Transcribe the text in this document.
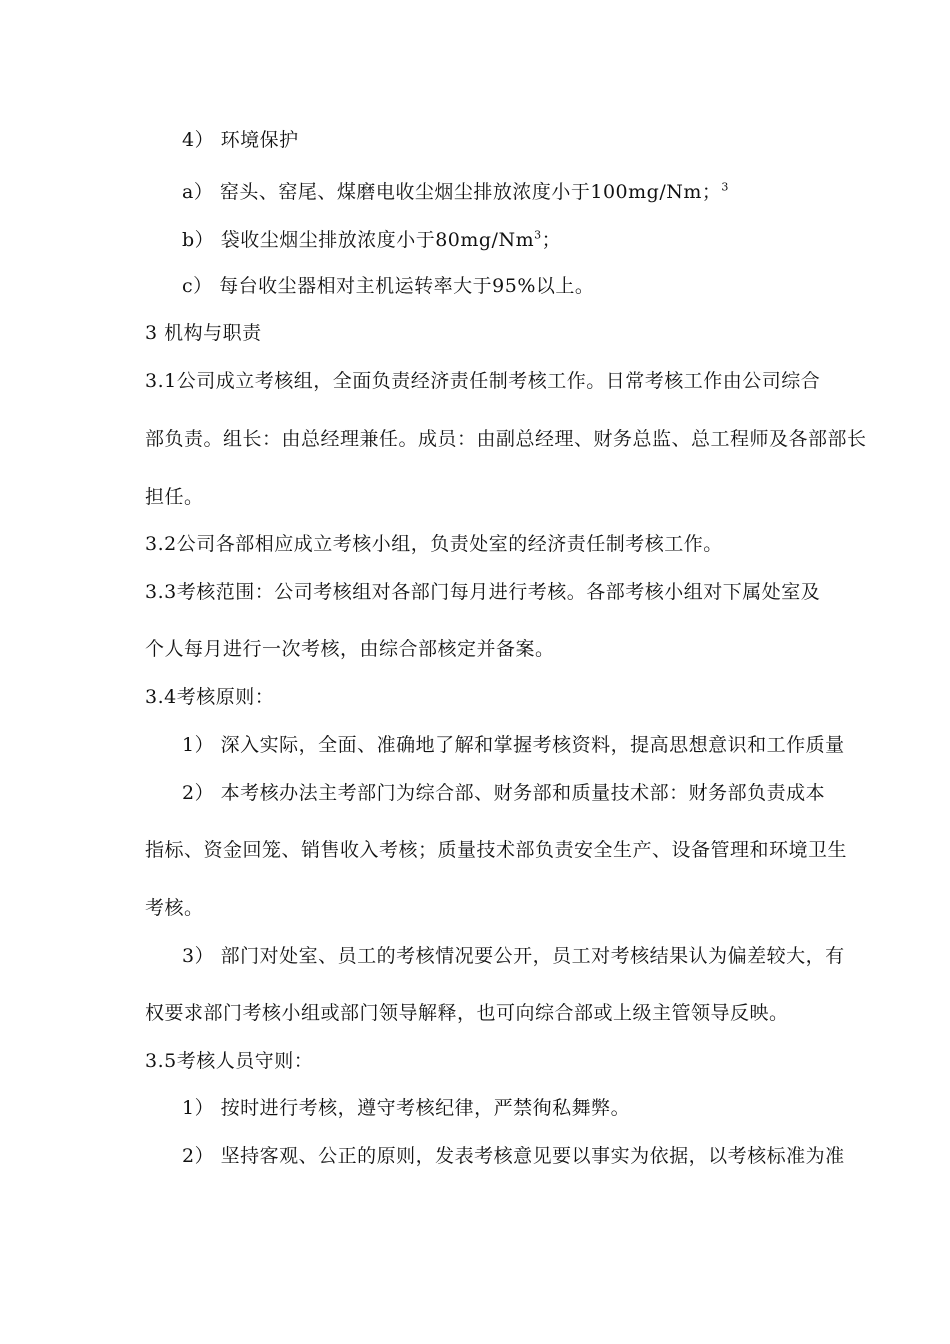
4） 环境保护
a） 窑头、窑尾、煤磨电收尘烟尘排放浓度小于100mg/Nm；$^3$
b） 袋收尘烟尘排放浓度小于80mg/Nm$^3$；
c） 每台收尘器相对主机运转率大于95%以上。
3 机构与职责
3.1公司成立考核组，全面负责经济责任制考核工作。日常考核工作由公司综合
部负责。组长：由总经理兼任。成员：由副总经理、财务总监、总工程师及各部部长
担任。
3.2公司各部相应成立考核小组，负责处室的经济责任制考核工作。
3.3考核范围：公司考核组对各部门每月进行考核。各部考核小组对下属处室及
个人每月进行一次考核，由综合部核定并备案。
3.4考核原则：
1） 深入实际，全面、准确地了解和掌握考核资料，提高思想意识和工作质量
2） 本考核办法主考部门为综合部、财务部和质量技术部：财务部负责成本
指标、资金回笼、销售收入考核；质量技术部负责安全生产、设备管理和环境卫生
考核。
3） 部门对处室、员工的考核情况要公开，员工对考核结果认为偏差较大，有
权要求部门考核小组或部门领导解释，也可向综合部或上级主管领导反映。
3.5考核人员守则：
1） 按时进行考核，遵守考核纪律，严禁徇私舞弊。
2） 坚持客观、公正的原则，发表考核意见要以事实为依据，以考核标准为准
